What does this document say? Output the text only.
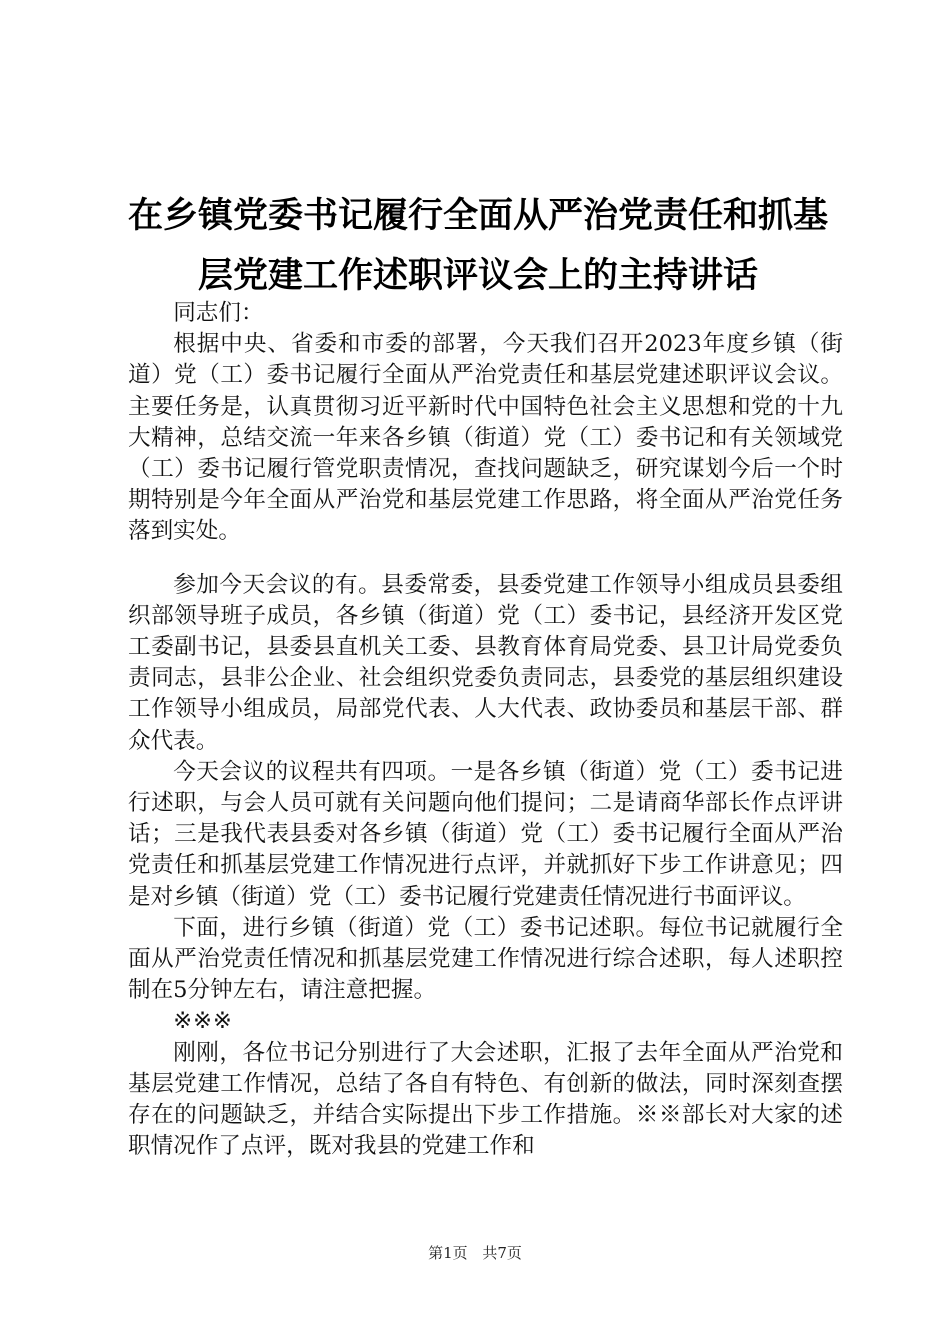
在乡镇党委书记履行全面从严治党责任和抓基
层党建工作述职评议会上的主持讲话

同志们：

根据中央、省委和市委的部署，今天我们召开2023年度乡镇（街道）党（工）委书记履行全面从严治党责任和基层党建述职评议会议。主要任务是，认真贯彻习近平新时代中国特色社会主义思想和党的十九大精神，总结交流一年来各乡镇（街道）党（工）委书记和有关领域党（工）委书记履行管党职责情况，查找问题缺乏，研究谋划今后一个时期特别是今年全面从严治党和基层党建工作思路，将全面从严治党任务落到实处。

参加今天会议的有。县委常委，县委党建工作领导小组成员县委组织部领导班子成员，各乡镇（街道）党（工）委书记，县经济开发区党工委副书记，县委县直机关工委、县教育体育局党委、县卫计局党委负责同志，县非公企业、社会组织党委负责同志，县委党的基层组织建设工作领导小组成员，局部党代表、人大代表、政协委员和基层干部、群众代表。

今天会议的议程共有四项。一是各乡镇（街道）党（工）委书记进行述职，与会人员可就有关问题向他们提问；二是请商华部长作点评讲话；三是我代表县委对各乡镇（街道）党（工）委书记履行全面从严治党责任和抓基层党建工作情况进行点评，并就抓好下步工作讲意见；四是对乡镇（街道）党（工）委书记履行党建责任情况进行书面评议。

下面，进行乡镇（街道）党（工）委书记述职。每位书记就履行全面从严治党责任情况和抓基层党建工作情况进行综合述职，每人述职控制在5分钟左右，请注意把握。

※※※

刚刚，各位书记分别进行了大会述职，汇报了去年全面从严治党和基层党建工作情况，总结了各自有特色、有创新的做法，同时深刻查摆存在的问题缺乏，并结合实际提出下步工作措施。※※部长对大家的述职情况作了点评，既对我县的党建工作和

第1页 共7页
